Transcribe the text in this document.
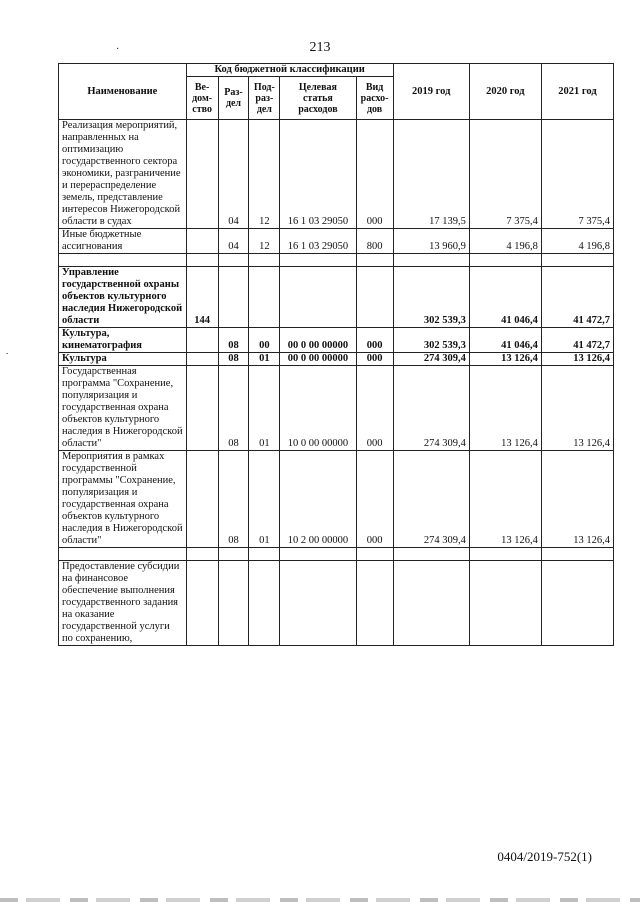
213
·
.
Наименование	Код бюджетной классификации					2019 год	2020 год	2021 год
	Ве- дом- ство	Раз- дел	Под- раз- дел	Целевая статья расходов	Вид расхо- дов			
Реализация мероприятий, направленных на оптимизацию государственного сектора экономики, разграничение и перераспределение земель, представление интересов Нижегородской области в судах		04	12	16 1 03 29050	000	17 139,5	7 375,4	7 375,4
Иные бюджетные ассигнования		04	12	16 1 03 29050	800	13 960,9	4 196,8	4 196,8

Управление государственной охраны объектов культурного наследия Нижегородской области	144					302 539,3	41 046,4	41 472,7
Культура, кинематография		08	00	00 0 00 00000	000	302 539,3	41 046,4	41 472,7
Культура		08	01	00 0 00 00000	000	274 309,4	13 126,4	13 126,4
Государственная программа "Сохранение, популяризация и государственная охрана объектов культурного наследия в Нижегородской области"		08	01	10 0 00 00000	000	274 309,4	13 126,4	13 126,4
Мероприятия в рамках государственной программы "Сохранение, популяризация и государственная охрана объектов культурного наследия в Нижегородской области"		08	01	10 2 00 00000	000	274 309,4	13 126,4	13 126,4

Предоставление субсидии на финансовое обеспечение выполнения государственного задания на оказание государственной услуги по сохранению,								
0404/2019-752(1)
